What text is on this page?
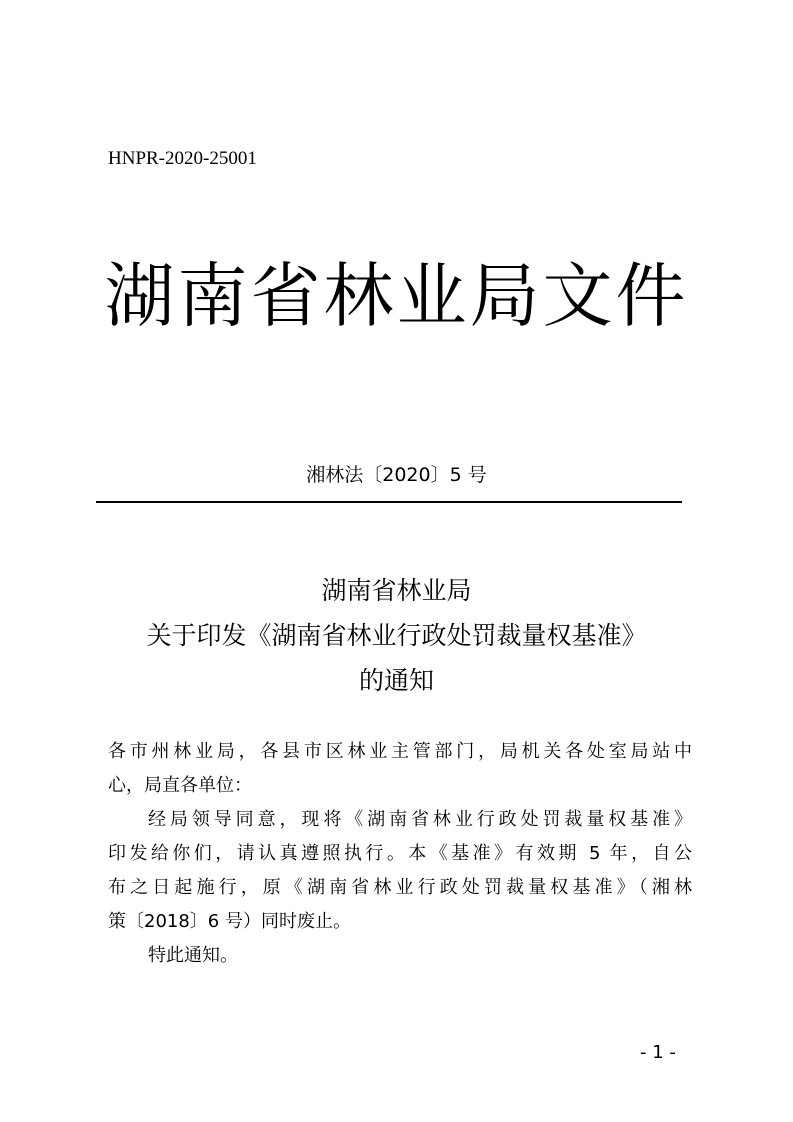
HNPR-2020-25001
湖南省林业局文件
湘林法〔2020〕5 号
湖南省林业局
关于印发《湖南省林业行政处罚裁量权基准》
的通知

各市州林业局，各县市区林业主管部门，局机关各处室局站中
心，局直各单位：

经局领导同意，现将《湖南省林业行政处罚裁量权基准》
印发给你们，请认真遵照执行。本《基准》有效期 5 年，自公
布之日起施行，原《湖南省林业行政处罚裁量权基准》（湘林
策〔2018〕6 号）同时废止。

特此通知。

- 1 -
